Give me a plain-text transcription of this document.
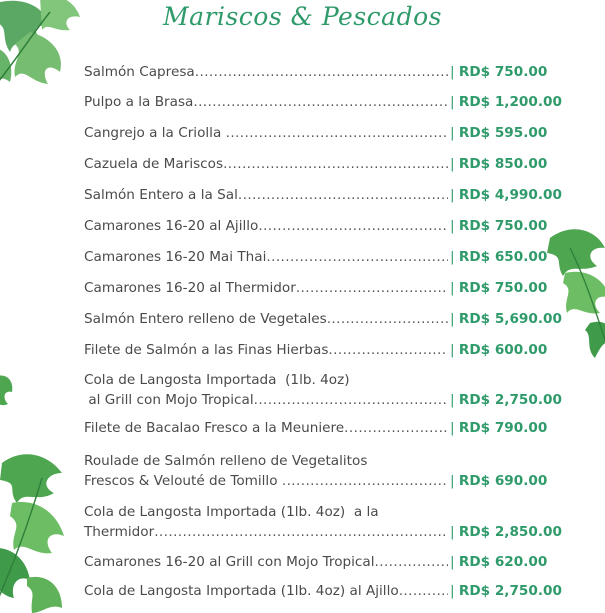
Mariscos & Pescados
Salmón Capresa .....	| RD$ 750.00
Pulpo a la Brasa .....	| RD$ 1,200.00
Cangrejo a la Criolla .....	| RD$ 595.00
Cazuela de Mariscos .....	| RD$ 850.00
Salmón Entero a la Sal .....	| RD$ 4,990.00
Camarones 16-20 al Ajillo .....	| RD$ 750.00
Camarones 16-20 Mai Thai .....	| RD$ 650.00
Camarones 16-20 al Thermidor .....	| RD$ 750.00
Salmón Entero relleno de Vegetales .....	| RD$ 5,690.00
Filete de Salmón a las Finas Hierbas .....	| RD$ 600.00
Cola de Langosta Importada  (1lb. 4oz)
al Grill con Mojo Tropical .....	| RD$ 2,750.00
Filete de Bacalao Fresco a la Meuniere .....	| RD$ 790.00
Roulade de Salmón relleno de Vegetalitos
Frescos & Velouté de Tomillo .....	| RD$ 690.00
Cola de Langosta Importada (1lb. 4oz)  a la
Thermidor .....	| RD$ 2,850.00
Camarones 16-20 al Grill con Mojo Tropical .....	| RD$ 620.00
Cola de Langosta Importada (1lb. 4oz) al Ajillo .....	| RD$ 2,750.00
